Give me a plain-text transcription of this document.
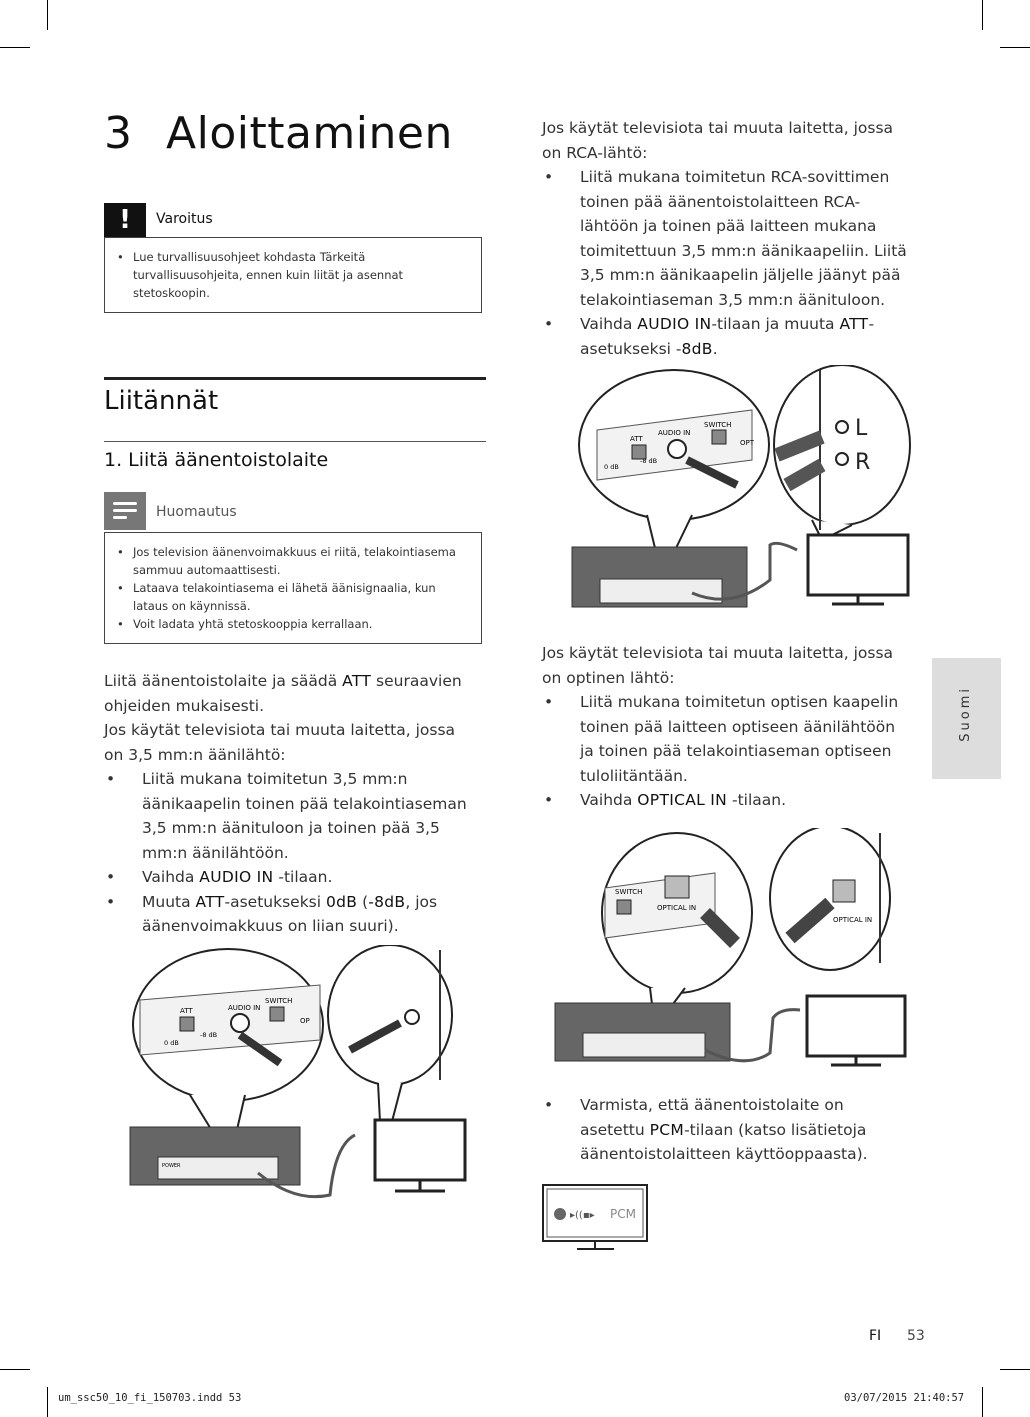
3 Aloittaminen
!	Varoitus
• Lue turvallisuusohjeet kohdasta Tärkeitä turvallisuusohjeita, ennen kuin liität ja asennat stetoskoopin.
Liitännät
1. Liitä äänentoistolaite
Huomautus
• Jos television äänenvoimakkuus ei riitä, telakointiasema sammuu automaattisesti.
• Lataava telakointiasema ei lähetä äänisignaalia, kun lataus on käynnissä.
• Voit ladata yhtä stetoskooppia kerrallaan.

Liitä äänentoistolaite ja säädä ATT seuraavien ohjeiden mukaisesti.

Jos käytät televisiota tai muuta laitetta, jossa on 3,5 mm:n äänilähtö:

• Liitä mukana toimitetun 3,5 mm:n äänikaapelin toinen pää telakointiaseman 3,5 mm:n äänituloon ja toinen pää 3,5 mm:n äänilähtöön.
• Vaihda AUDIO IN -tilaan.
• Muuta ATT-asetukseksi 0dB (-8dB, jos äänenvoimakkuus on liian suuri).
ATT	AUDIO IN
SWITCH
OP
0 dB
-8 dB
POWER

Jos käytät televisiota tai muuta laitetta, jossa on RCA-lähtö:

• Liitä mukana toimitetun RCA-sovittimen toinen pää äänentoistolaitteen RCA-lähtöön ja toinen pää laitteen mukana toimitettuun 3,5 mm:n äänikaapeliin. Liitä 3,5 mm:n äänikaapelin jäljelle jäänyt pää telakointiaseman 3,5 mm:n äänituloon.
• Vaihda AUDIO IN-tilaan ja muuta ATT-asetukseksi -8dB.
ATT
AUDIO IN
SWITCH
OPT
0 dB
-8 dB
L
R

Jos käytät televisiota tai muuta laitetta, jossa on optinen lähtö:

• Liitä mukana toimitetun optisen kaapelin toinen pää laitteen optiseen äänilähtöön ja toinen pää telakointiaseman optiseen tuloliitäntään.
• Vaihda OPTICAL IN -tilaan.
SWITCH
OPTICAL IN
OPTICAL IN
• Varmista, että äänentoistolaite on asetettu PCM-tilaan (katso lisätietoja äänentoistolaitteen käyttöoppaasta).
▸((▪▸ PCM
Suomi
FI 53
um_ssc50_10_fi_150703.indd 53	03/07/2015 21:40:57
